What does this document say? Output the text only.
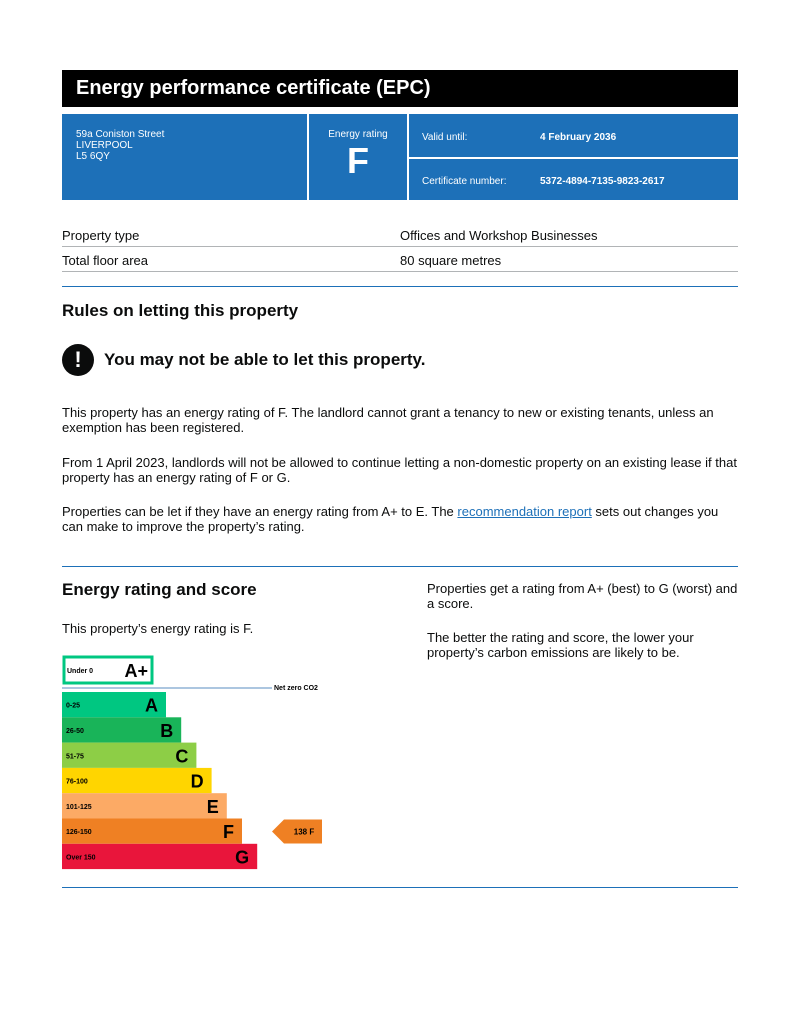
Energy performance certificate (EPC)
59a Coniston Street
LIVERPOOL
L5 6QY
Energy rating
F
Valid until:	4 February 2036
Certificate number:	5372-4894-7135-9823-2617
Property type	Offices and Workshop Businesses
Total floor area	80 square metres
Rules on letting this property
!	You may not be able to let this property.

This property has an energy rating of F. The landlord cannot grant a tenancy to new or existing tenants, unless an exemption has been registered.

From 1 April 2023, landlords will not be allowed to continue letting a non-domestic property on an existing lease if that property has an energy rating of F or G.

Properties can be let if they have an energy rating from A+ to E. The recommendation report sets out changes you can make to improve the property’s rating.

Energy rating and score

This property’s energy rating is F.

Properties get a rating from A+ (best) to G (worst) and a score.

The better the rating and score, the lower your property’s carbon emissions are likely to be.

Under 0 A+
Net zero CO2
0-25	A
26-50	B
51-75	C
76-100	D
101-125	E
126-150	F
Over 150	G
138 F
